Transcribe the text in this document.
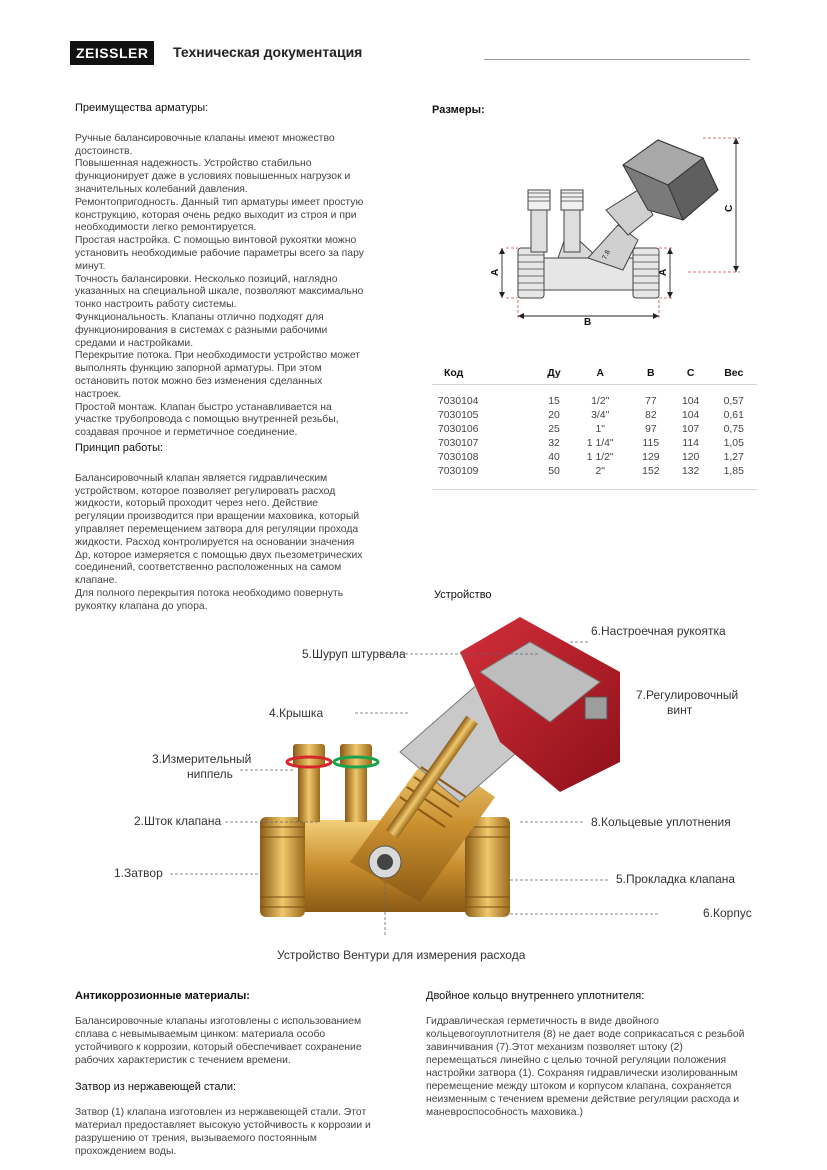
ZEISSLER	Техническая документация
Преимущества арматуры:
Ручные балансировочные клапаны имеют множество
достоинств.
Повышенная надежность. Устройство стабильно
функционирует даже в условиях повышенных нагрузок и
значительных колебаний давления.
Ремонтопригодность. Данный тип арматуры имеет простую
конструкцию, которая очень редко выходит из строя и при
необходимости легко ремонтируется.
Простая настройка. С помощью винтовой рукоятки можно
установить необходимые рабочие параметры всего за пару
минут.
Точность балансировки. Несколько позиций, наглядно
указанных на специальной шкале, позволяют максимально
тонко настроить работу системы.
Функциональность. Клапаны отлично подходят для
функционирования в системах с разными рабочими
средами и настройками.
Перекрытие потока. При необходимости устройство может
выполнять функцию запорной арматуры. При этом
остановить поток можно без изменения сделанных
настроек.
Простой монтаж. Клапан быстро устанавливается на
участке трубопровода с помощью внутренней резьбы,
создавая прочное и герметичное соединение.
Принцип работы:
Балансировочный клапан является гидравлическим
устройством, которое позволяет регулировать расход
жидкости, который проходит через него. Действие
регуляции производится при вращении маховика, который
управляет перемещением затвора для регуляции прохода
жидкости. Расход контролируется на основании значения
Δp, которое измеряется с помощью двух пьезометрических
соединений, соответственно расположенных на самом
клапане.
Для полного перекрытия потока необходимо повернуть
рукоятку клапана до упора.
Размеры:
7.8
A	A
B
C
Код	Ду	A	B	C	Вес
7030104	15	1/2"	77	104	0,57
7030105	20	3/4"	82	104	0,61
7030106	25	1"	97	107	0,75
7030107	32	1 1/4"	115	114	1,05
7030108	40	1 1/2"	129	120	1,27
7030109	50	2"	152	132	1,85
Устройство
6.Настроечная рукоятка
5.Шуруп штурвала
7.Регулировочный
винт
4.Крышка
3.Измерительный
ниппель
2.Шток клапана	8.Кольцевые уплотнения
1.Затвор	5.Прокладка клапана
6.Корпус
Устройство Вентури для измерения расхода
Антикоррозионные материалы:
Балансировочные клапаны изготовлены с использованием
сплава с невымываемым цинком: материала особо
устойчивого к коррозии, который обеспечивает сохранение
рабочих характеристик с течением времени.
Затвор из нержавеющей стали:
Затвор (1) клапана изготовлен из нержавеющей стали. Этот
материал предоставляет высокую устойчивость к коррозии и
разрушению от трения, вызываемого постоянным
прохождением воды.
Двойное кольцо внутреннего уплотнителя:
Гидравлическая герметичность в виде двойного
кольцевогоуплотнителя (8) не дает воде соприкасаться с резьбой
завинчивания (7).Этот механизм позволяет штоку (2)
перемещаться линейно с целью точной регуляции положения
настройки затвора (1). Сохраняя гидравлически изолированным
перемещение между штоком и корпусом клапана, сохраняется
неизменным с течением времени действие регуляции расхода и
маневроспособность маховика.)
